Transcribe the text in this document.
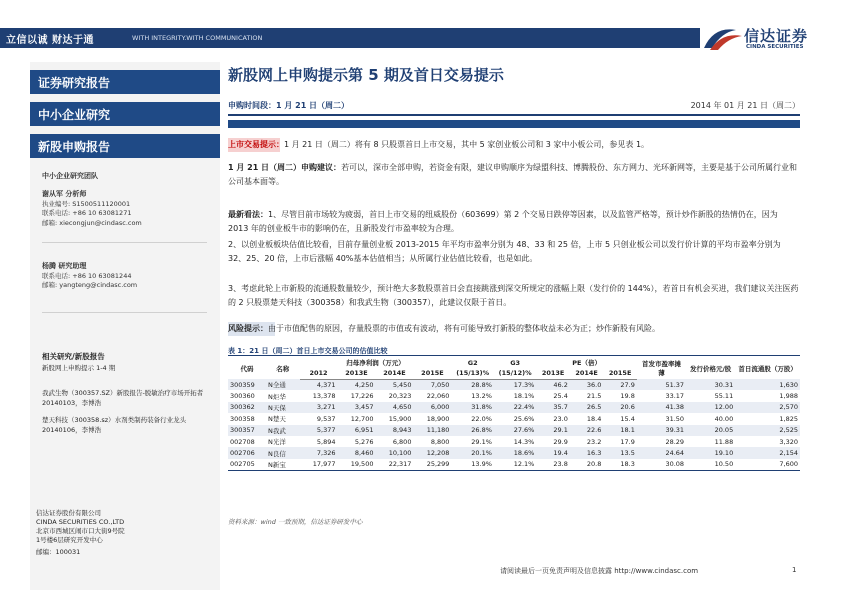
立信以诚 财达于通	WITH INTEGRITY.WITH COMMUNICATION	信达证券
CINDA SECURITIES
证券研究报告
中小企业研究
新股申购报告
中小企业研究团队
谢从军 分析师
执业编号: S1500511120001
联系电话: +86 10 63081271
邮箱: xiecongjun@cindasc.com
杨腾 研究助理
联系电话: +86 10 63081244
邮箱: yangteng@cindasc.com
相关研究/新股报告
新股网上申购提示 1-4 期
我武生物（300357.SZ）新股报告-脱敏治疗市场开拓者 20140103，李博浩
楚天科技（300358.sz）水剂类制药装备行业龙头 20140106，李博浩
信达证券股份有限公司
CINDA SECURITIES CO.,LTD
北京市西城区闹市口大街9号院
1号楼6层研究开发中心
邮编：100031
新股网上申购提示第 5 期及首日交易提示
申购时间段：1 月 21 日（周二）	2014 年 01 月 21 日（周二）
上市交易提示：1 月 21 日（周二）将有 8 只股票首日上市交易，其中 5 家创业板公司和 3 家中小板公司，参见表 1。
1 月 21 日（周二）申购建议：若可以，深市全部申购，若资金有限，建议申购顺序为绿盟科技、博腾股份、东方网力、光环新网等，主要是基于公司所属行业和公司基本面等。
最新看法：1、尽管目前市场较为疲弱，首日上市交易的纽威股份（603699）第 2 个交易日跌停等因素，以及监管严格等，预计炒作新股的热情仍在，因为 2013 年的创业板牛市的影响仍在，且新股发行市盈率较为合理。
2、以创业板板块估值比较看，目前存量创业板 2013-2015 年平均市盈率分别为 48、33 和 25 倍，上市 5 只创业板公司以发行价计算的平均市盈率分别为 32、25、20 倍，上市后涨幅 40%基本估值相当；从所属行业估值比较看，也是如此。
3、考虑此轮上市新股的流通股数量较少，预计绝大多数股票首日会直接跳涨到深交所规定的涨幅上限（发行价的 144%），若首日有机会买进，我们建议关注医药的 2 只股票楚天科技（300358）和我武生物（300357），此建议仅限于首日。
风险提示：由于市值配售的原因，存量股票的市值或有波动，将有可能导致打新股的整体收益未必为正；炒作新股有风险。
表 1：21 日（周二）首日上市交易公司的估值比较
代码	名称	归母净利润（万元）				G2	G3	PE（倍）			首发市盈率摊薄	发行价格元/股	首日流通股（万股）
		2012	2013E	2014E	2015E	(15/13)%	(15/12)%	2013E	2014E	2015E			
300359	N全通	4,371	4,250	5,450	7,050	28.8%	17.3%	46.2	36.0	27.9	51.37	30.31	1,630
300360	N炬华	13,378	17,226	20,323	22,060	13.2%	18.1%	25.4	21.5	19.8	33.17	55.11	1,988
300362	N天保	3,271	3,457	4,650	6,000	31.8%	22.4%	35.7	26.5	20.6	41.38	12.00	2,570
300358	N楚天	9,537	12,700	15,900	18,900	22.0%	25.6%	23.0	18.4	15.4	31.50	40.00	1,825
300357	N我武	5,377	6,951	8,943	11,180	26.8%	27.6%	29.1	22.6	18.1	39.31	20.05	2,525
002708	N光洋	5,894	5,276	6,800	8,800	29.1%	14.3%	29.9	23.2	17.9	28.29	11.88	3,320
002706	N良信	7,326	8,460	10,100	12,208	20.1%	18.6%	19.4	16.3	13.5	24.64	19.10	2,154
002705	N新宝	17,977	19,500	22,317	25,299	13.9%	12.1%	23.8	20.8	18.3	30.08	10.50	7,600
资料来源：wind 一致预期，信达证券研发中心
请阅读最后一页免责声明及信息披露 http://www.cindasc.com	1
